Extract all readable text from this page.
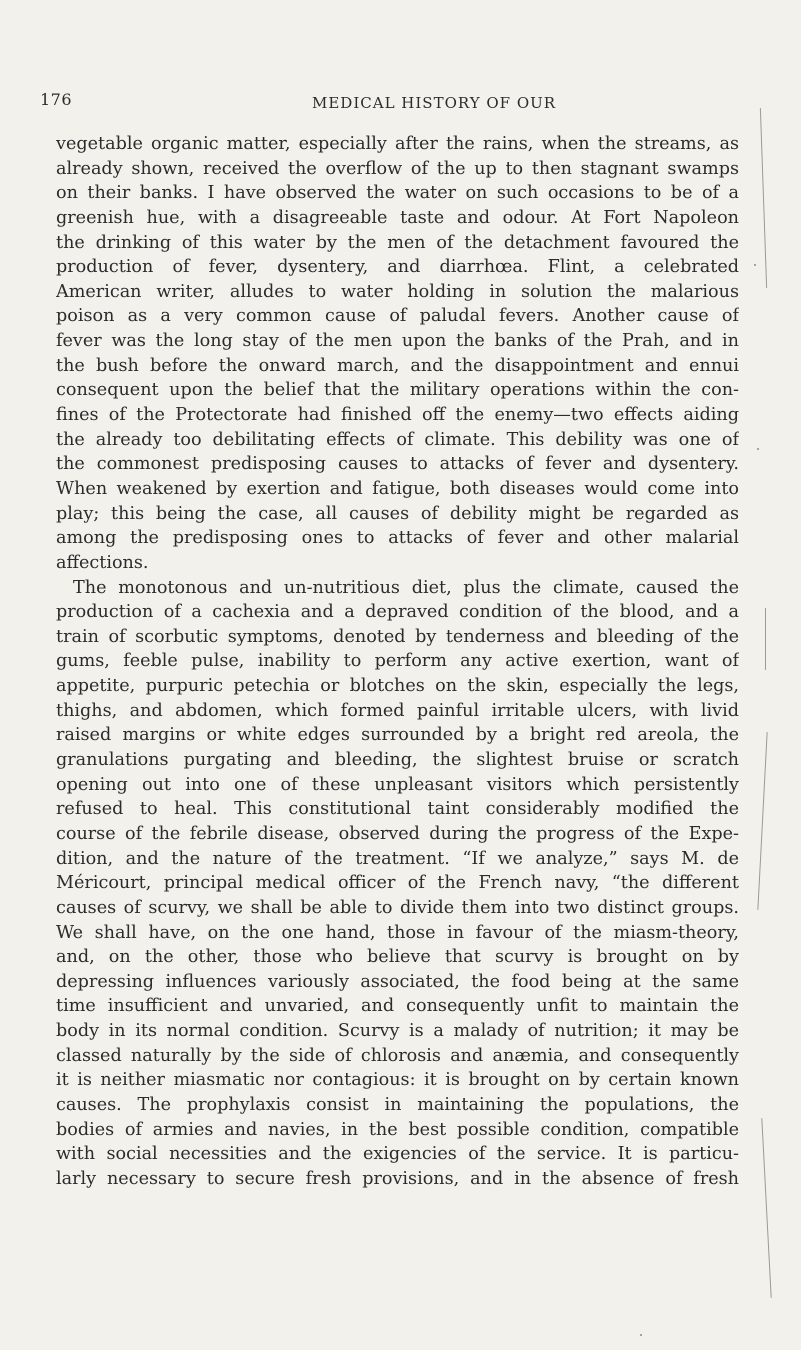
176	MEDICAL HISTORY OF OUR
vegetable organic matter, especially after the rains, when the streams, as
already shown, received the overflow of the up to then stagnant swamps
on their banks. I have observed the water on such occasions to be of a
greenish hue, with a disagreeable taste and odour. At Fort Napoleon
the drinking of this water by the men of the detachment favoured the
production of fever, dysentery, and diarrhœa. Flint, a celebrated
American writer, alludes to water holding in solution the malarious
poison as a very common cause of paludal fevers. Another cause of
fever was the long stay of the men upon the banks of the Prah, and in
the bush before the onward march, and the disappointment and ennui
consequent upon the belief that the military operations within the con-
fines of the Protectorate had finished off the enemy—two effects aiding
the already too debilitating effects of climate. This debility was one of
the commonest predisposing causes to attacks of fever and dysentery.
When weakened by exertion and fatigue, both diseases would come into
play; this being the case, all causes of debility might be regarded as
among the predisposing ones to attacks of fever and other malarial
affections.
The monotonous and un-nutritious diet, plus the climate, caused the
production of a cachexia and a depraved condition of the blood, and a
train of scorbutic symptoms, denoted by tenderness and bleeding of the
gums, feeble pulse, inability to perform any active exertion, want of
appetite, purpuric petechia or blotches on the skin, especially the legs,
thighs, and abdomen, which formed painful irritable ulcers, with livid
raised margins or white edges surrounded by a bright red areola, the
granulations purgating and bleeding, the slightest bruise or scratch
opening out into one of these unpleasant visitors which persistently
refused to heal. This constitutional taint considerably modified the
course of the febrile disease, observed during the progress of the Expe-
dition, and the nature of the treatment. “If we analyze,” says M. de
Méricourt, principal medical officer of the French navy, “the different
causes of scurvy, we shall be able to divide them into two distinct groups.
We shall have, on the one hand, those in favour of the miasm-theory,
and, on the other, those who believe that scurvy is brought on by
depressing influences variously associated, the food being at the same
time insufficient and unvaried, and consequently unfit to maintain the
body in its normal condition. Scurvy is a malady of nutrition; it may be
classed naturally by the side of chlorosis and anæmia, and consequently
it is neither miasmatic nor contagious: it is brought on by certain known
causes. The prophylaxis consist in maintaining the populations, the
bodies of armies and navies, in the best possible condition, compatible
with social necessities and the exigencies of the service. It is particu-
larly necessary to secure fresh provisions, and in the absence of fresh
